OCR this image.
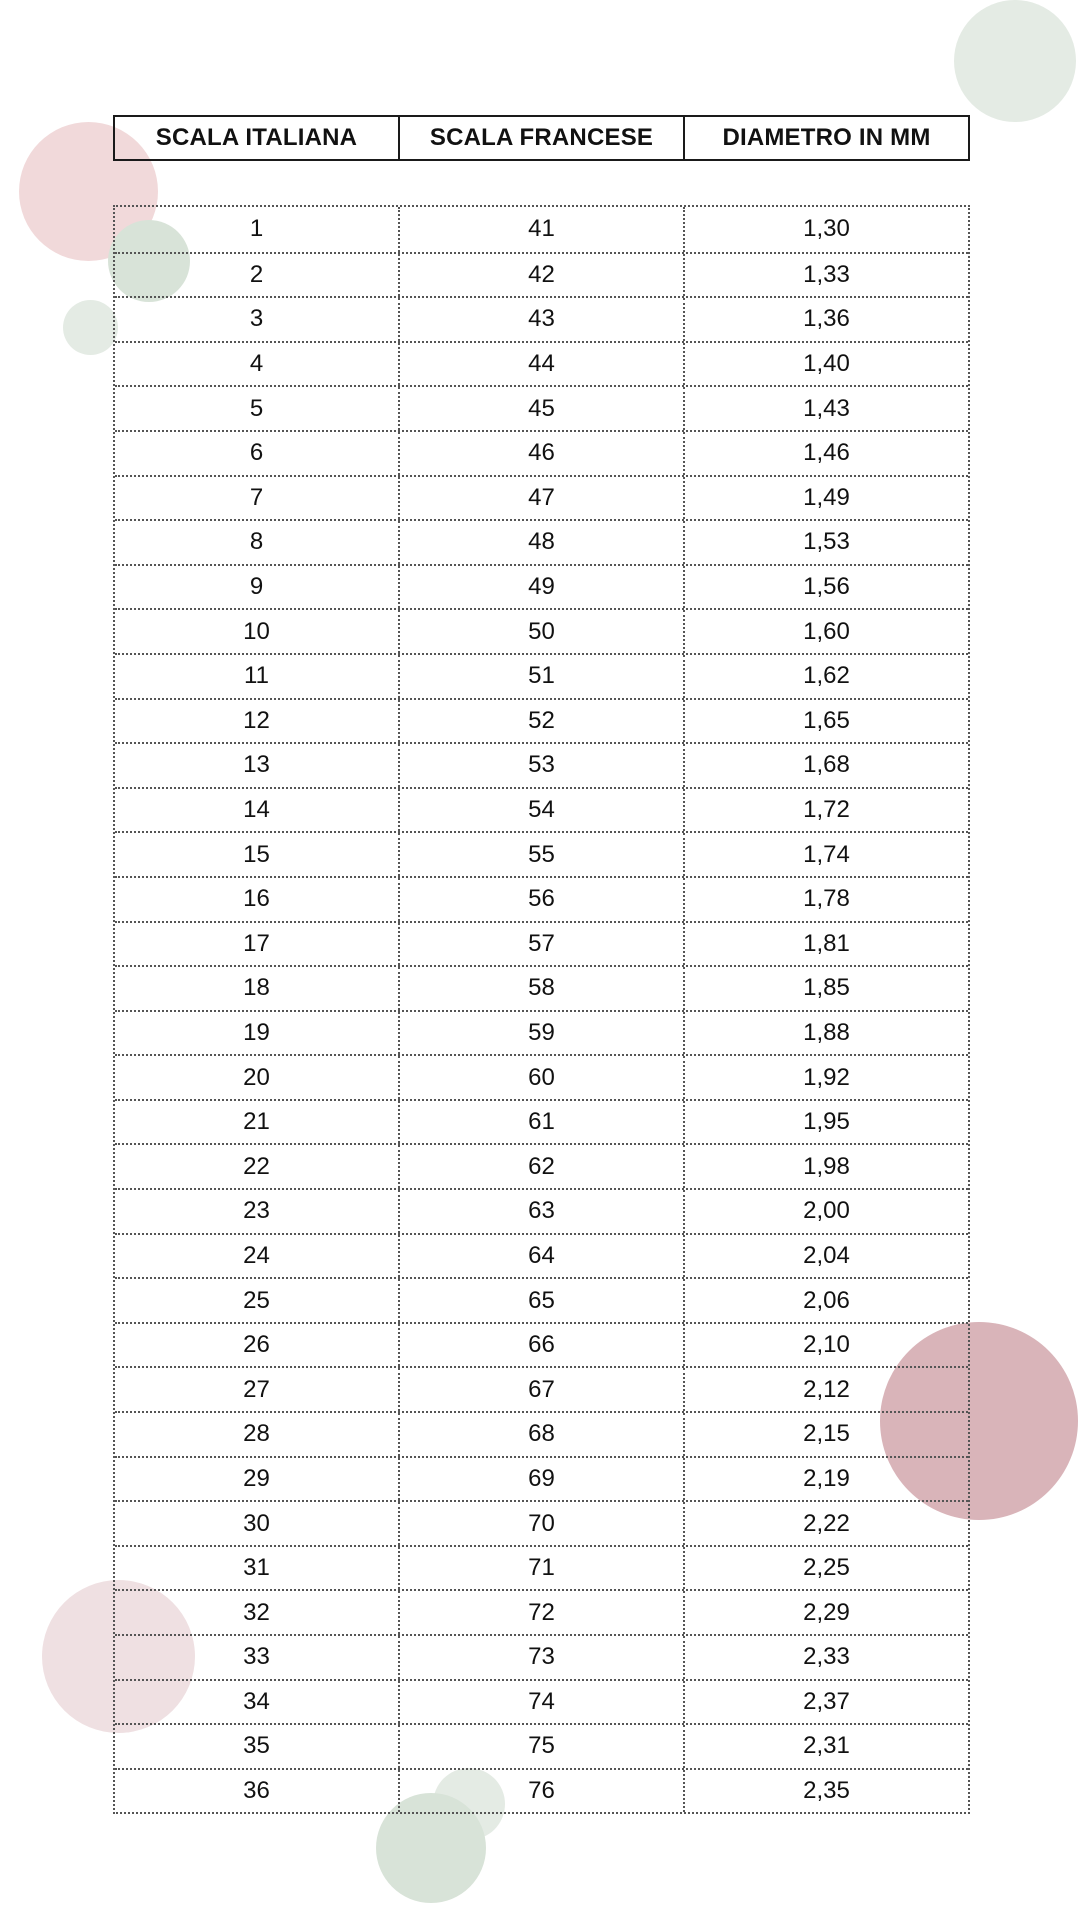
SCALA ITALIANA	SCALA FRANCESE	DIAMETRO IN MM
1	41	1,30
2	42	1,33
3	43	1,36
4	44	1,40
5	45	1,43
6	46	1,46
7	47	1,49
8	48	1,53
9	49	1,56
10	50	1,60
11	51	1,62
12	52	1,65
13	53	1,68
14	54	1,72
15	55	1,74
16	56	1,78
17	57	1,81
18	58	1,85
19	59	1,88
20	60	1,92
21	61	1,95
22	62	1,98
23	63	2,00
24	64	2,04
25	65	2,06
26	66	2,10
27	67	2,12
28	68	2,15
29	69	2,19
30	70	2,22
31	71	2,25
32	72	2,29
33	73	2,33
34	74	2,37
35	75	2,31
36	76	2,35
